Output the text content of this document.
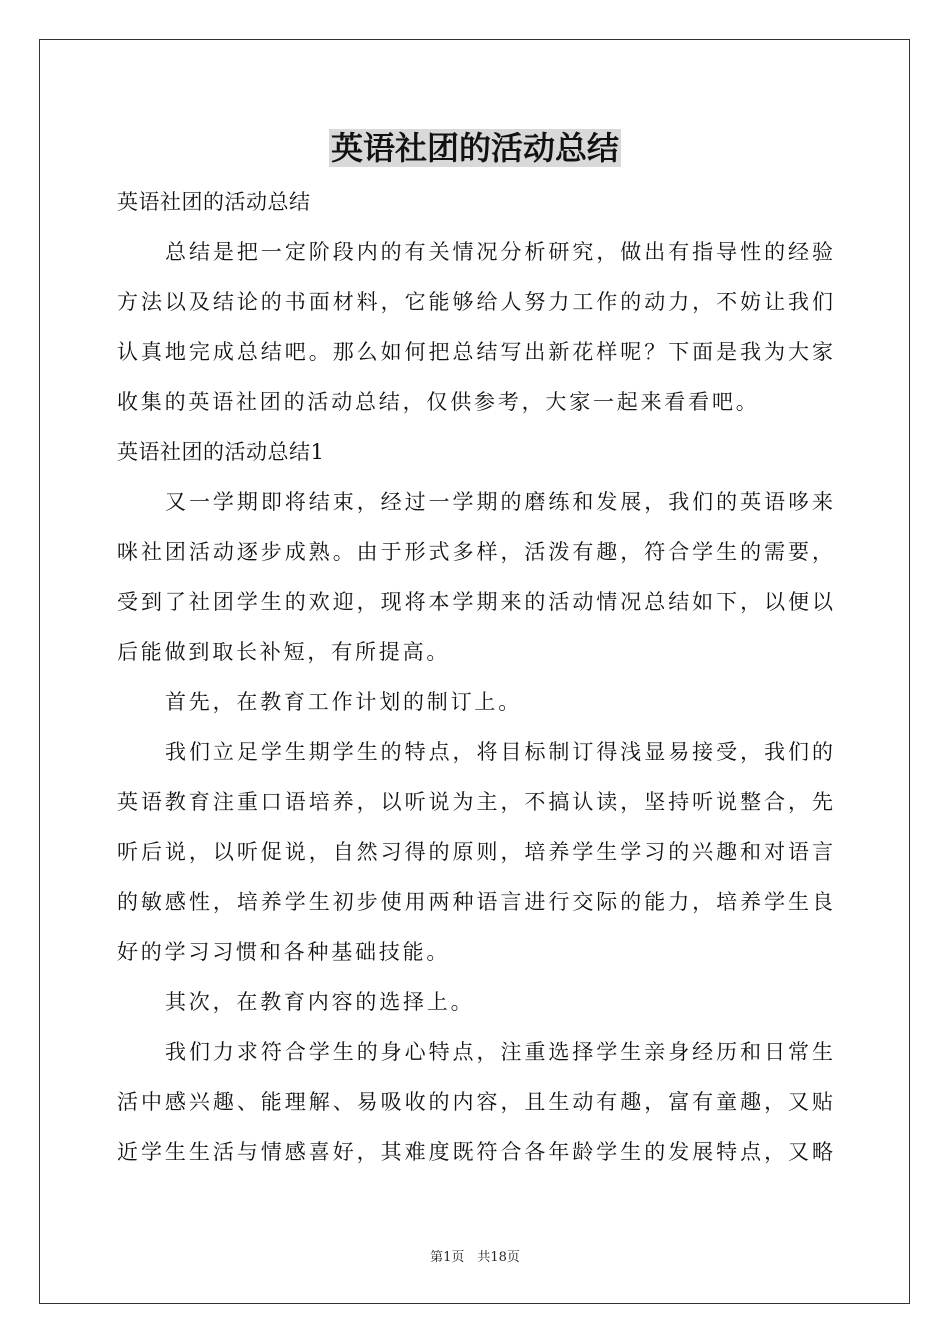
英语社团的活动总结
英语社团的活动总结
总结是把一定阶段内的有关情况分析研究，做出有指导性的经验
方法以及结论的书面材料，它能够给人努力工作的动力，不妨让我们
认真地完成总结吧。那么如何把总结写出新花样呢？下面是我为大家
收集的英语社团的活动总结，仅供参考，大家一起来看看吧。
英语社团的活动总结1
又一学期即将结束，经过一学期的磨练和发展，我们的英语哆来
咪社团活动逐步成熟。由于形式多样，活泼有趣，符合学生的需要，
受到了社团学生的欢迎，现将本学期来的活动情况总结如下，以便以
后能做到取长补短，有所提高。
首先，在教育工作计划的制订上。
我们立足学生期学生的特点，将目标制订得浅显易接受，我们的
英语教育注重口语培养，以听说为主，不搞认读，坚持听说整合，先
听后说，以听促说，自然习得的原则，培养学生学习的兴趣和对语言
的敏感性，培养学生初步使用两种语言进行交际的能力，培养学生良
好的学习习惯和各种基础技能。
其次，在教育内容的选择上。
我们力求符合学生的身心特点，注重选择学生亲身经历和日常生
活中感兴趣、能理解、易吸收的内容，且生动有趣，富有童趣，又贴
近学生生活与情感喜好，其难度既符合各年龄学生的发展特点，又略
第1页　共18页
